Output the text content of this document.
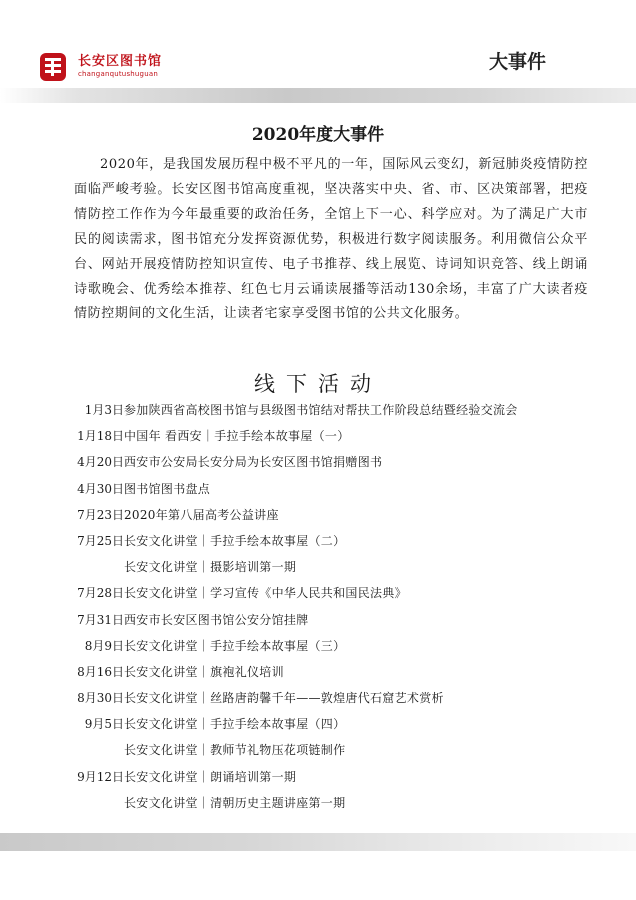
长安区图书馆
changanqutushuguan
大事件
2020年度大事件

2020年，是我国发展历程中极不平凡的一年，国际风云变幻，新冠肺炎疫情防控面临严峻考验。长安区图书馆高度重视，坚决落实中央、省、市、区决策部署，把疫情防控工作作为今年最重要的政治任务，全馆上下一心、科学应对。为了满足广大市民的阅读需求，图书馆充分发挥资源优势，积极进行数字阅读服务。利用微信公众平台、网站开展疫情防控知识宣传、电子书推荐、线上展览、诗词知识竞答、线上朗诵诗歌晚会、优秀绘本推荐、红色七月云诵读展播等活动130余场，丰富了广大读者疫情防控期间的文化生活，让读者宅家享受图书馆的公共文化服务。

线下活动
1月3日 参加陕西省高校图书馆与县级图书馆结对帮扶工作阶段总结暨经验交流会
1月18日 中国年 看西安｜手拉手绘本故事屋（一）
4月20日 西安市公安局长安分局为长安区图书馆捐赠图书
4月30日 图书馆图书盘点
7月23日 2020年第八届高考公益讲座
7月25日 长安文化讲堂｜手拉手绘本故事屋（二）
长安文化讲堂｜摄影培训第一期
7月28日 长安文化讲堂｜学习宣传《中华人民共和国民法典》
7月31日 西安市长安区图书馆公安分馆挂牌
8月9日 长安文化讲堂｜手拉手绘本故事屋（三）
8月16日 长安文化讲堂｜旗袍礼仪培训
8月30日 长安文化讲堂｜丝路唐韵馨千年——敦煌唐代石窟艺术赏析
9月5日 长安文化讲堂｜手拉手绘本故事屋（四）
长安文化讲堂｜教师节礼物压花项链制作
9月12日 长安文化讲堂｜朗诵培训第一期
长安文化讲堂｜清朝历史主题讲座第一期
